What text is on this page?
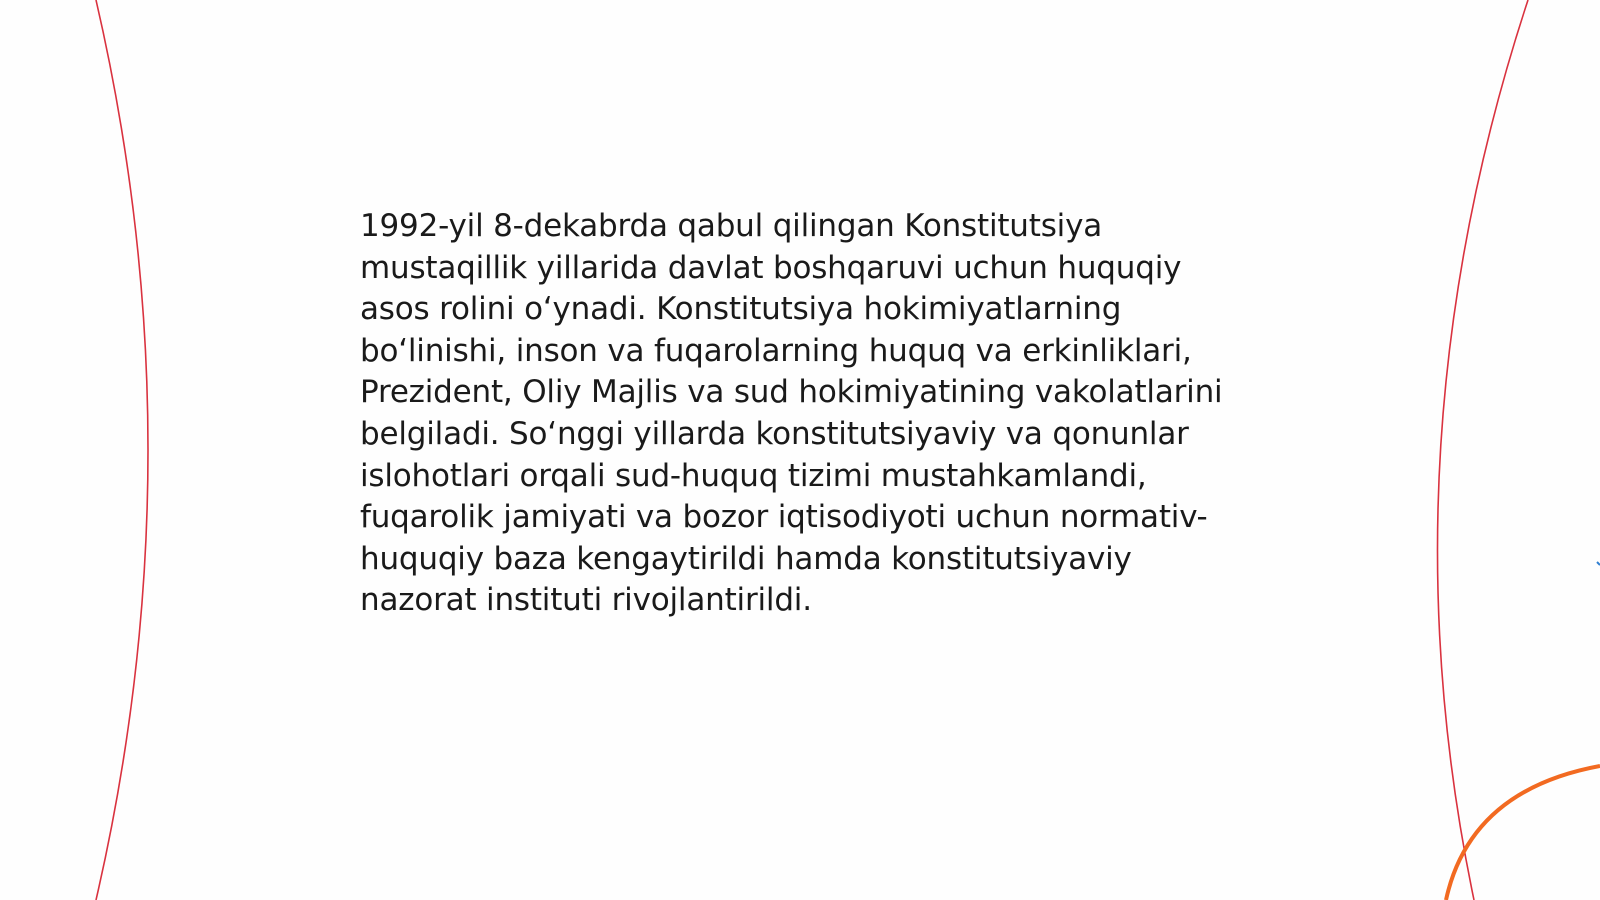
1992-yil 8-dekabrda qabul qilingan Konstitutsiya mustaqillik yillarida davlat boshqaruvi uchun huquqiy asos rolini o‘ynadi. Konstitutsiya hokimiyatlarning bo‘linishi, inson va fuqarolarning huquq va erkinliklari, Prezident, Oliy Majlis va sud hokimiyatining vakolatlarini belgiladi. So‘nggi yillarda konstitutsiyaviy va qonunlar islohotlari orqali sud-huquq tizimi mustahkamlandi, fuqarolik jamiyati va bozor iqtisodiyoti uchun normativ-huquqiy baza kengaytirildi hamda konstitutsiyaviy nazorat instituti rivojlantirildi.
